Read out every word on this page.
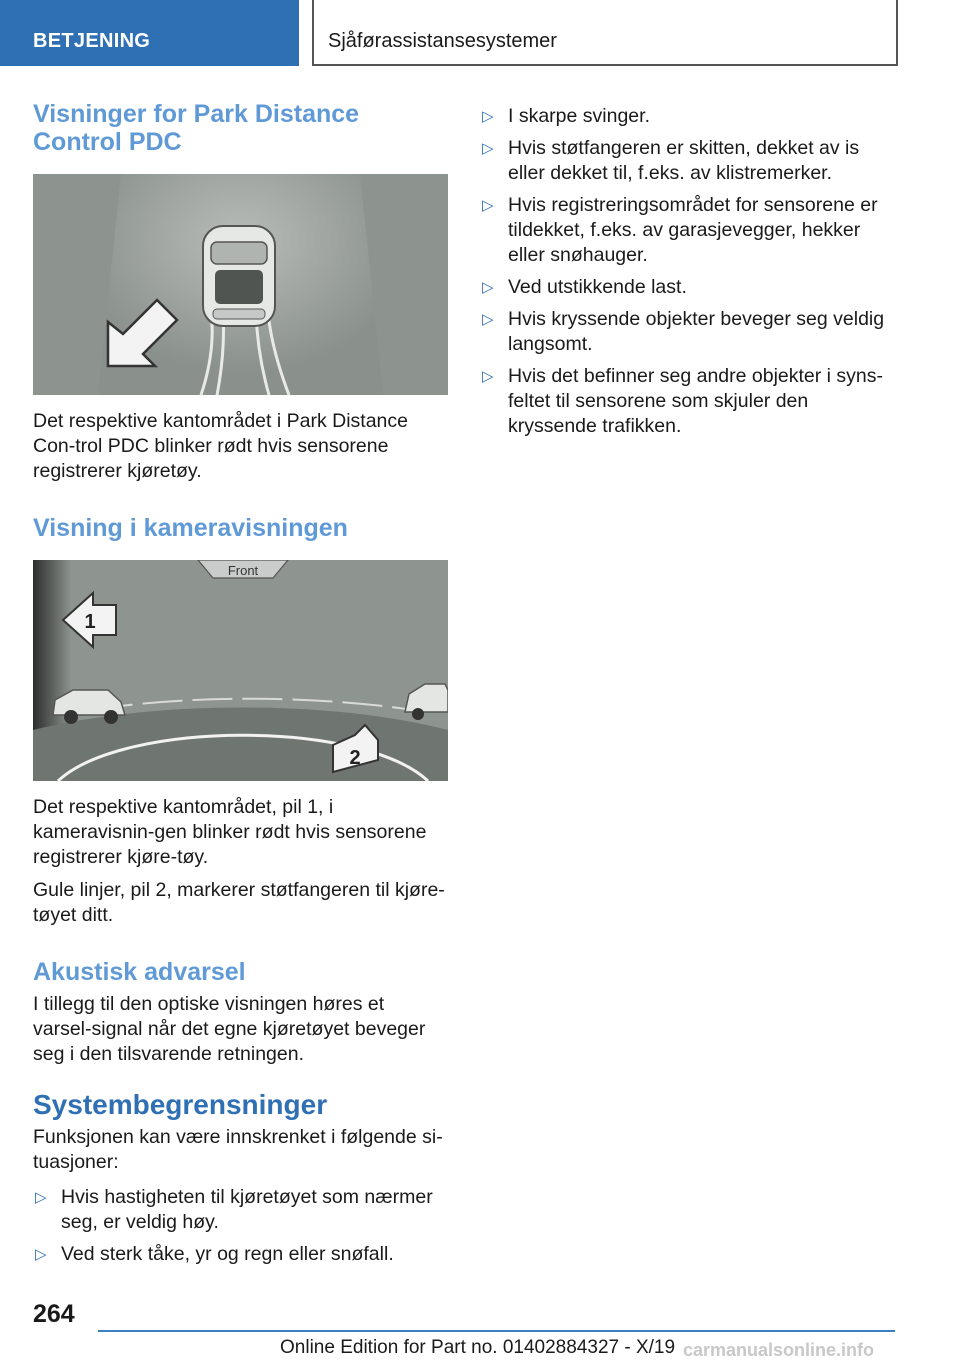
BETJENING	Sjåførassistansesystemer
Visninger for Park Distance Control PDC

Det respektive kantområdet i Park Distance Con-trol PDC blinker rødt hvis sensorene registrerer kjøretøy.

Visning i kameravisningen
Front
1
2

Det respektive kantområdet, pil 1, i kameravisnin-gen blinker rødt hvis sensorene registrerer kjøre-tøy.

Gule linjer, pil 2, markerer støtfangeren til kjøre-tøyet ditt.

Akustisk advarsel

I tillegg til den optiske visningen høres et varsel-signal når det egne kjøretøyet beveger seg i den tilsvarende retningen.

Systembegrensninger

Funksjonen kan være innskrenket i følgende si-tuasjoner:

▷ Hvis hastigheten til kjøretøyet som nærmer seg, er veldig høy.
▷ Ved sterk tåke, yr og regn eller snøfall.
▷ I skarpe svinger.
▷ Hvis støtfangeren er skitten, dekket av is eller dekket til, f.eks. av klistremerker.
▷ Hvis registreringsområdet for sensorene er tildekket, f.eks. av garasjevegger, hekker eller snøhauger.
▷ Ved utstikkende last.
▷ Hvis kryssende objekter beveger seg veldig langsomt.
▷ Hvis det befinner seg andre objekter i syns-feltet til sensorene som skjuler den kryssende trafikken.
264
Online Edition for Part no. 01402884327 - X/19 carmanualsonline.info
